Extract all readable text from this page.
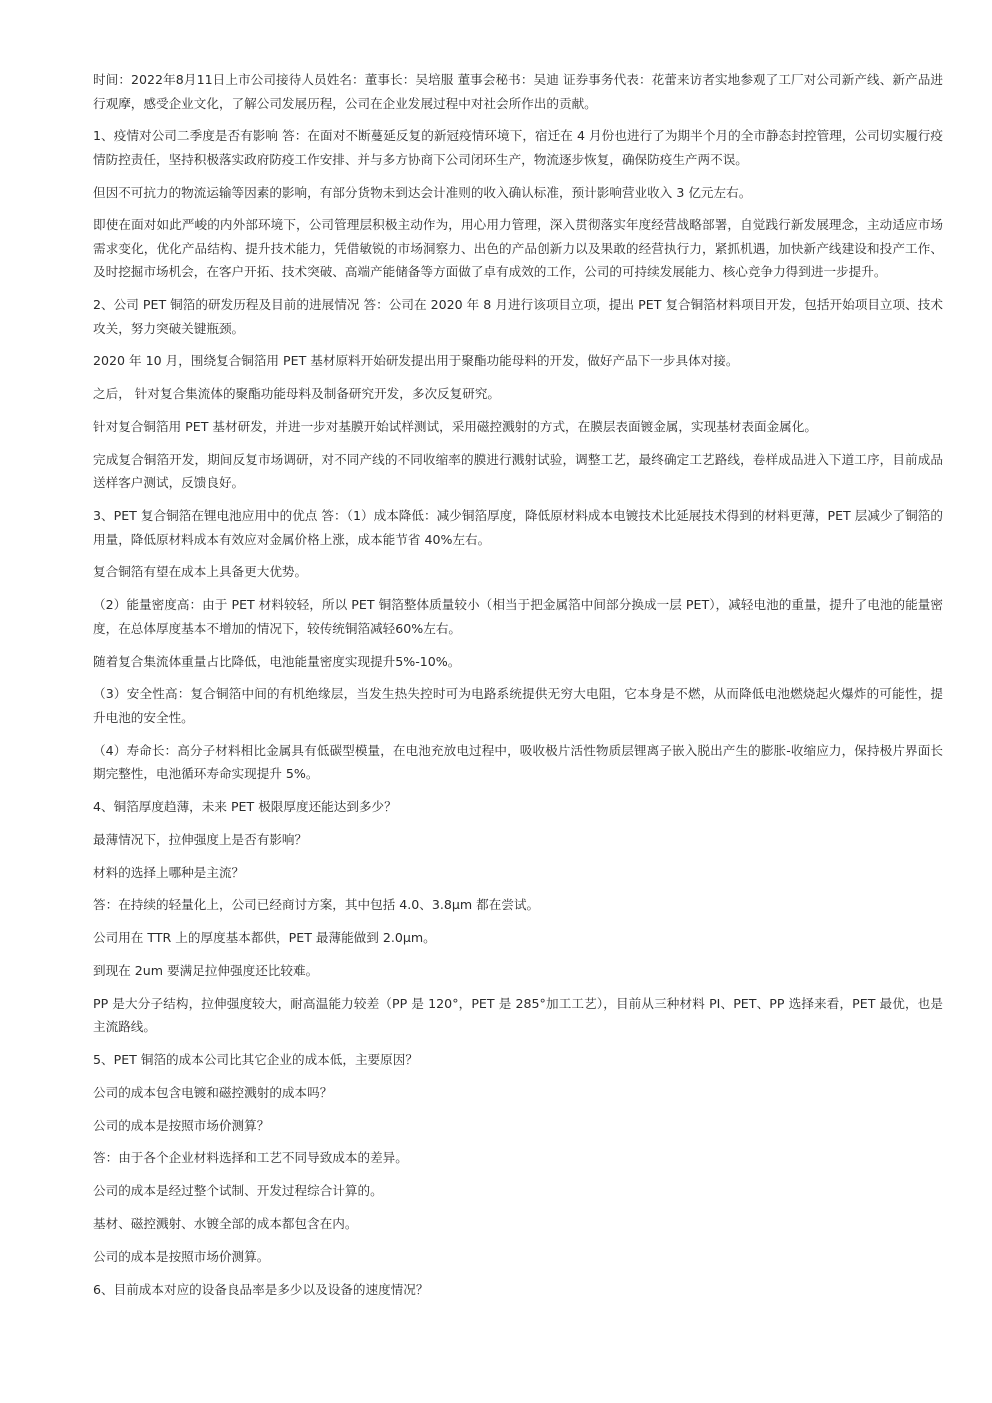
时间：2022年8月11日上市公司接待人员姓名：董事长：吴培服 董事会秘书：吴迪 证券事务代表：花蕾来访者实地参观了工厂对公司新产线、新产品进行观摩，感受企业文化，了解公司发展历程，公司在企业发展过程中对社会所作出的贡献。

1、疫情对公司二季度是否有影响 答：在面对不断蔓延反复的新冠疫情环境下，宿迁在 4 月份也进行了为期半个月的全市静态封控管理，公司切实履行疫情防控责任，坚持积极落实政府防疫工作安排、并与多方协商下公司闭环生产，物流逐步恢复，确保防疫生产两不误。

但因不可抗力的物流运输等因素的影响，有部分货物未到达会计准则的收入确认标准，预计影响营业收入 3 亿元左右。

即使在面对如此严峻的内外部环境下，公司管理层积极主动作为，用心用力管理，深入贯彻落实年度经营战略部署，自觉践行新发展理念，主动适应市场需求变化，优化产品结构、提升技术能力，凭借敏锐的市场洞察力、出色的产品创新力以及果敢的经营执行力，紧抓机遇，加快新产线建设和投产工作、及时挖掘市场机会，在客户开拓、技术突破、高端产能储备等方面做了卓有成效的工作，公司的可持续发展能力、核心竞争力得到进一步提升。

2、公司 PET 铜箔的研发历程及目前的进展情况 答：公司在 2020 年 8 月进行该项目立项，提出 PET 复合铜箔材料项目开发，包括开始项目立项、技术攻关，努力突破关键瓶颈。

2020 年 10 月，围绕复合铜箔用 PET 基材原料开始研发提出用于聚酯功能母料的开发，做好产品下一步具体对接。

之后， 针对复合集流体的聚酯功能母料及制备研究开发，多次反复研究。

针对复合铜箔用 PET 基材研发，并进一步对基膜开始试样测试，采用磁控溅射的方式，在膜层表面镀金属，实现基材表面金属化。

完成复合铜箔开发，期间反复市场调研，对不同产线的不同收缩率的膜进行溅射试验，调整工艺，最终确定工艺路线，卷样成品进入下道工序，目前成品送样客户测试，反馈良好。

3、PET 复合铜箔在锂电池应用中的优点 答：（1）成本降低：减少铜箔厚度，降低原材料成本电镀技术比延展技术得到的材料更薄，PET 层减少了铜箔的用量，降低原材料成本有效应对金属价格上涨，成本能节省 40%左右。

复合铜箔有望在成本上具备更大优势。

（2）能量密度高：由于 PET 材料较轻，所以 PET 铜箔整体质量较小（相当于把金属箔中间部分换成一层 PET），减轻电池的重量，提升了电池的能量密度，在总体厚度基本不增加的情况下，较传统铜箔减轻60%左右。

随着复合集流体重量占比降低，电池能量密度实现提升5%-10%。

（3）安全性高：复合铜箔中间的有机绝缘层，当发生热失控时可为电路系统提供无穷大电阻，它本身是不燃，从而降低电池燃烧起火爆炸的可能性，提升电池的安全性。

（4）寿命长：高分子材料相比金属具有低碳型模量，在电池充放电过程中，吸收极片活性物质层锂离子嵌入脱出产生的膨胀-收缩应力，保持极片界面长期完整性，电池循环寿命实现提升 5%。

4、铜箔厚度趋薄，未来 PET 极限厚度还能达到多少？

最薄情况下，拉伸强度上是否有影响？

材料的选择上哪种是主流？

答：在持续的轻量化上，公司已经商讨方案，其中包括 4.0、3.8μm 都在尝试。

公司用在 TTR 上的厚度基本都供，PET 最薄能做到 2.0μm。

到现在 2um 要满足拉伸强度还比较难。

PP 是大分子结构，拉伸强度较大，耐高温能力较差（PP 是 120°，PET 是 285°加工工艺），目前从三种材料 PI、PET、PP 选择来看，PET 最优，也是主流路线。

5、PET 铜箔的成本公司比其它企业的成本低，主要原因？

公司的成本包含电镀和磁控溅射的成本吗？

公司的成本是按照市场价测算？

答：由于各个企业材料选择和工艺不同导致成本的差异。

公司的成本是经过整个试制、开发过程综合计算的。

基材、磁控溅射、水镀全部的成本都包含在内。

公司的成本是按照市场价测算。

6、目前成本对应的设备良品率是多少以及设备的速度情况？
